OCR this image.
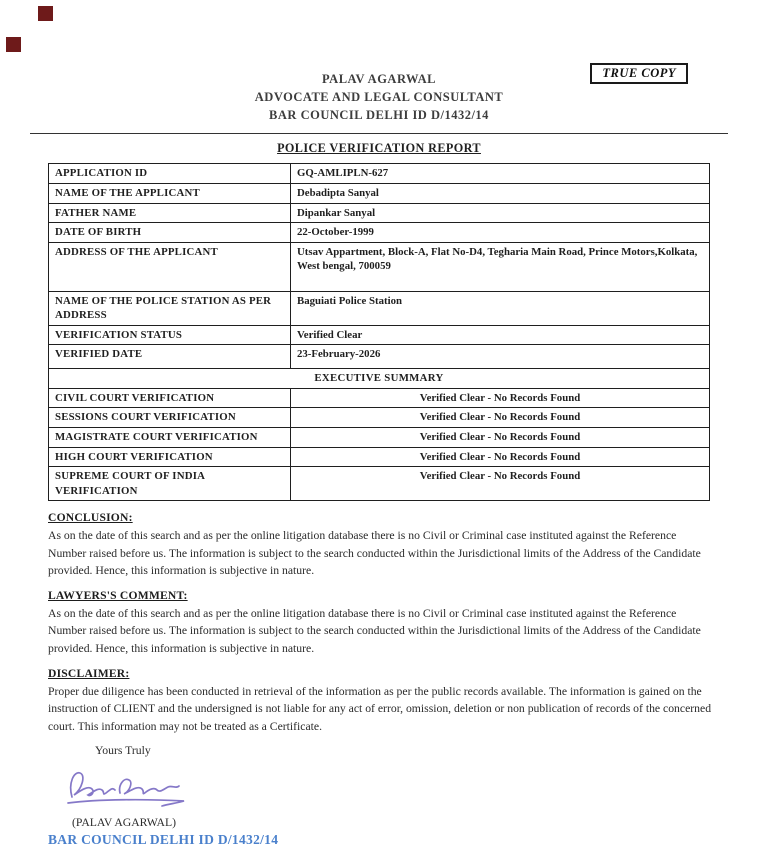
PALAV AGARWAL
ADVOCATE AND LEGAL CONSULTANT
BAR COUNCIL DELHI ID D/1432/14
TRUE COPY
POLICE VERIFICATION REPORT
APPLICATION ID	GQ-AMLIPLN-627
NAME OF THE APPLICANT	Debadipta Sanyal
FATHER NAME	Dipankar Sanyal
DATE OF BIRTH	22-October-1999
ADDRESS OF THE APPLICANT	Utsav Appartment, Block-A, Flat No-D4, Tegharia Main Road, Prince Motors,Kolkata, West bengal, 700059
NAME OF THE POLICE STATION AS PER ADDRESS	Baguiati Police Station
VERIFICATION STATUS	Verified Clear
VERIFIED DATE	23-February-2026
EXECUTIVE SUMMARY	
CIVIL COURT VERIFICATION	Verified Clear - No Records Found
SESSIONS COURT VERIFICATION	Verified Clear - No Records Found
MAGISTRATE COURT VERIFICATION	Verified Clear - No Records Found
HIGH COURT VERIFICATION	Verified Clear - No Records Found
SUPREME COURT OF INDIA VERIFICATION	Verified Clear - No Records Found
CONCLUSION:
As on the date of this search and as per the online litigation database there is no Civil or Criminal case instituted against the Reference Number raised before us. The information is subject to the search conducted within the Jurisdictional limits of the Address of the Candidate provided. Hence, this information is subjective in nature.
LAWYERS'S COMMENT:
As on the date of this search and as per the online litigation database there is no Civil or Criminal case instituted against the Reference Number raised before us. The information is subject to the search conducted within the Jurisdictional limits of the Address of the Candidate provided. Hence, this information is subjective in nature.
DISCLAIMER:
Proper due diligence has been conducted in retrieval of the information as per the public records available. The information is gained on the instruction of CLIENT and the undersigned is not liable for any act of error, omission, deletion or non publication of records of the concerned court. This information may not be treated as a Certificate.
Yours Truly
(PALAV AGARWAL)
BAR COUNCIL DELHI ID D/1432/14
